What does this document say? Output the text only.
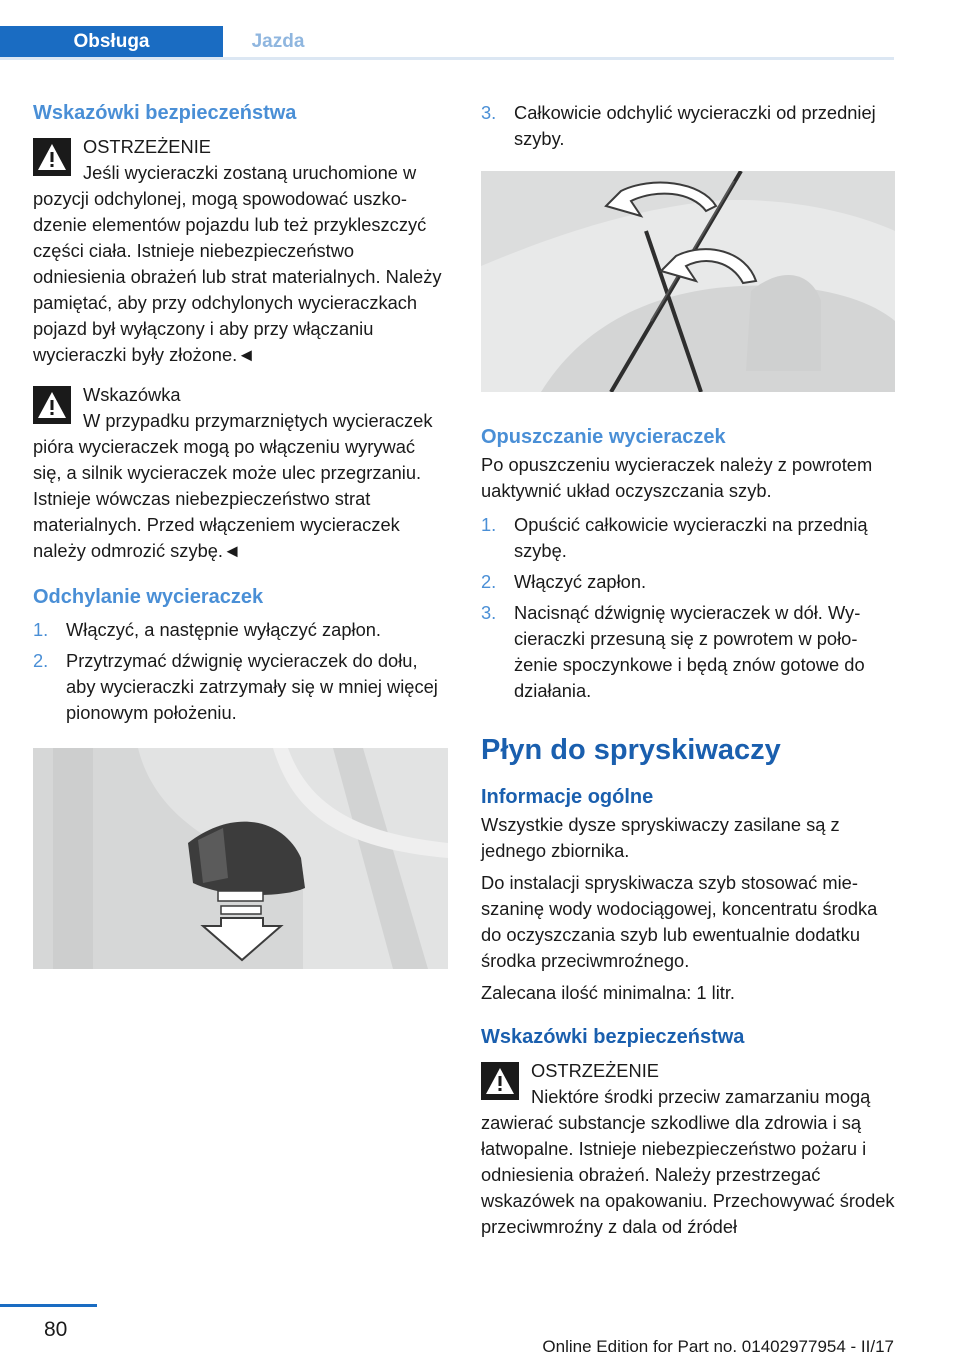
Obsługa	Jazda
Wskazówki bezpieczeństwa
OSTRZEŻENIE
Jeśli wycieraczki zostaną uruchomione w pozycji odchylonej, mogą spowodować uszkodzenie elementów pojazdu lub też przykleszczyć części ciała. Istnieje niebezpieczeństwo odniesienia obrażeń lub strat materialnych. Należy pamiętać, aby przy odchylonych wycieraczkach pojazd był wyłączony i aby przy włączaniu wycieraczki były złożone.◄
Wskazówka
W przypadku przymarzniętych wycieraczek pióra wycieraczek mogą po włączeniu wyrywać się, a silnik wycieraczek może ulec przegrzaniu. Istnieje wówczas niebezpieczeństwo strat materialnych. Przed włączeniem wycieraczek należy odmrozić szybę.◄
Odchylanie wycieraczek
1. Włączyć, a następnie wyłączyć zapłon.
2. Przytrzymać dźwignię wycieraczek do dołu, aby wycieraczki zatrzymały się w mniej więcej pionowym położeniu.
3. Całkowicie odchylić wycieraczki od przedniej szyby.
Opuszczanie wycieraczek
Po opuszczeniu wycieraczek należy z powrotem uaktywnić układ oczyszczania szyb.
1. Opuścić całkowicie wycieraczki na przednią szybę.
2. Włączyć zapłon.
3. Nacisnąć dźwignię wycieraczek w dół. Wycieraczki przesuną się z powrotem w położenie spoczynkowe i będą znów gotowe do działania.
Płyn do spryskiwaczy
Informacje ogólne
Wszystkie dysze spryskiwaczy zasilane są z jednego zbiornika.
Do instalacji spryskiwacza szyb stosować mieszaninę wody wodociągowej, koncentratu środka do oczyszczania szyb lub ewentualnie dodatku środka przeciwmroźnego.
Zalecana ilość minimalna: 1 litr.
Wskazówki bezpieczeństwa
OSTRZEŻENIE
Niektóre środki przeciw zamarzaniu mogą zawierać substancje szkodliwe dla zdrowia i są łatwopalne. Istnieje niebezpieczeństwo pożaru i odniesienia obrażeń. Należy przestrzegać wskazówek na opakowaniu. Przechowywać środek przeciwmroźny z dala od źródeł
80
Online Edition for Part no. 01402977954 - II/17
